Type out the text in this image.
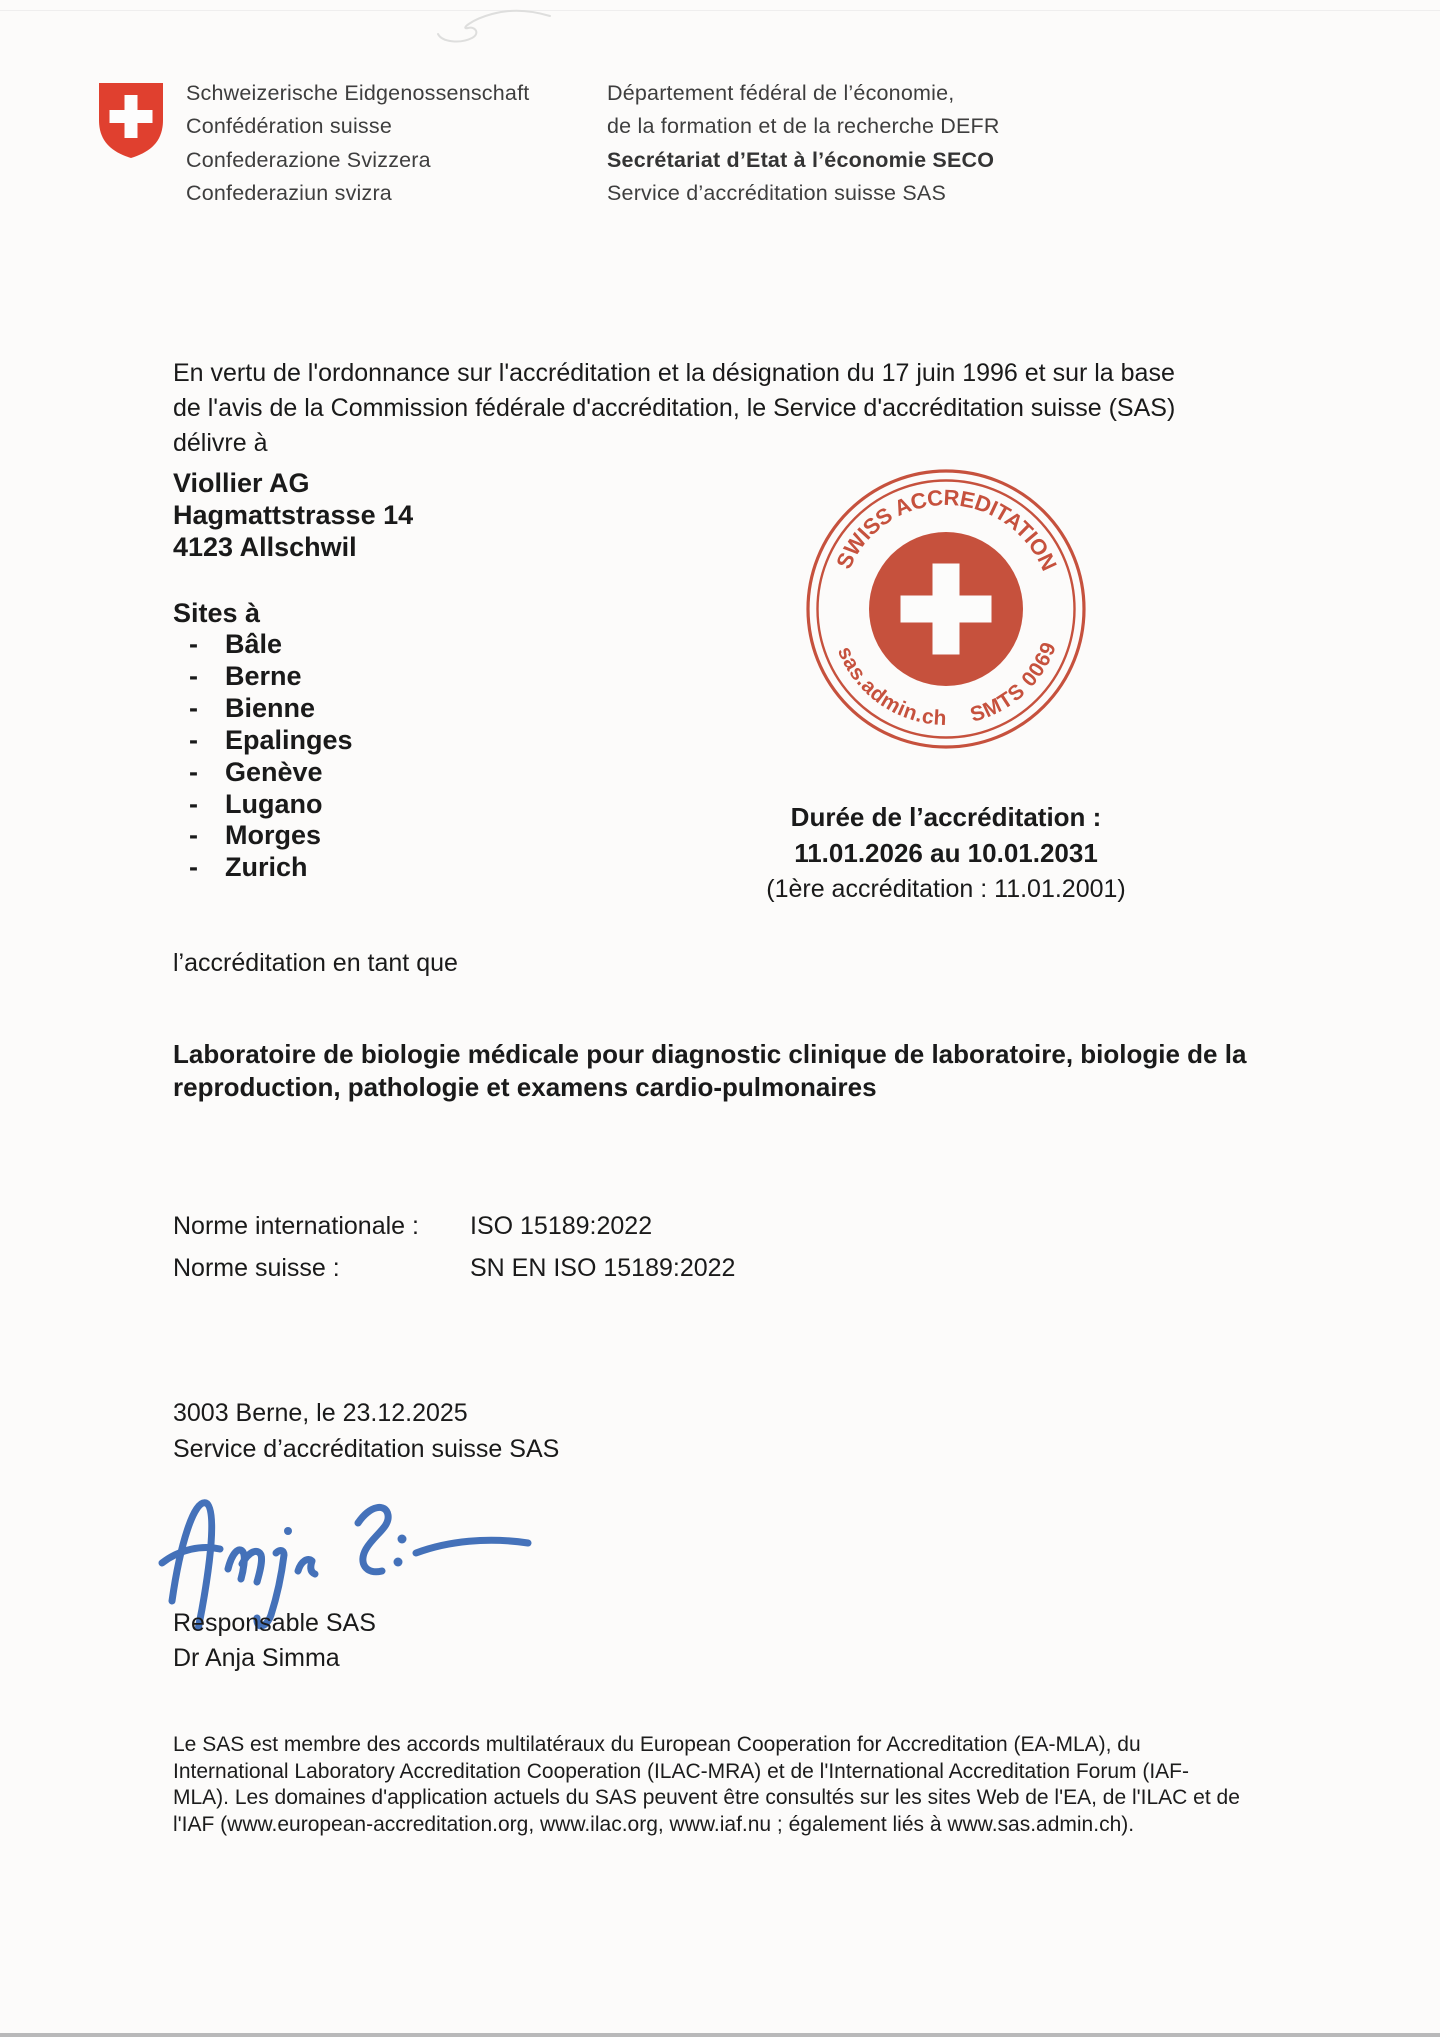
Schweizerische Eidgenossenschaft
Confédération suisse
Confederazione Svizzera
Confederaziun svizra
Département fédéral de l’économie,
de la formation et de la recherche DEFR
Secrétariat d’Etat à l’économie SECO
Service d’accréditation suisse SAS

En vertu de l'ordonnance sur l'accréditation et la désignation du 17 juin 1996 et sur la base de l'avis de la Commission fédérale d'accréditation, le Service d'accréditation suisse (SAS) délivre à

Viollier AG
Hagmattstrasse 14
4123 Allschwil
Sites à
-	Bâle
-	Berne
-	Bienne
-	Epalinges
-	Genève
-	Lugano
-	Morges
-	Zurich
SWISS ACCREDITATION
sas.admin.ch SMTS 0069
Durée de l’accréditation :
11.01.2026 au 10.01.2031
(1ère accréditation : 11.01.2001)
l’accréditation en tant que

Laboratoire de biologie médicale pour diagnostic clinique de laboratoire, biologie de la reproduction, pathologie et examens cardio-pulmonaires

Norme internationale :	ISO 15189:2022
Norme suisse :	SN EN ISO 15189:2022
3003 Berne, le 23.12.2025
Service d’accréditation suisse SAS
Responsable SAS
Dr Anja Simma

Le SAS est membre des accords multilatéraux du European Cooperation for Accreditation (EA-MLA), du International Laboratory Accreditation Cooperation (ILAC-MRA) et de l'International Accreditation Forum (IAF-MLA). Les domaines d'application actuels du SAS peuvent être consultés sur les sites Web de l'EA, de l'ILAC et de l'IAF (www.european-accreditation.org, www.ilac.org, www.iaf.nu ; également liés à www.sas.admin.ch).
